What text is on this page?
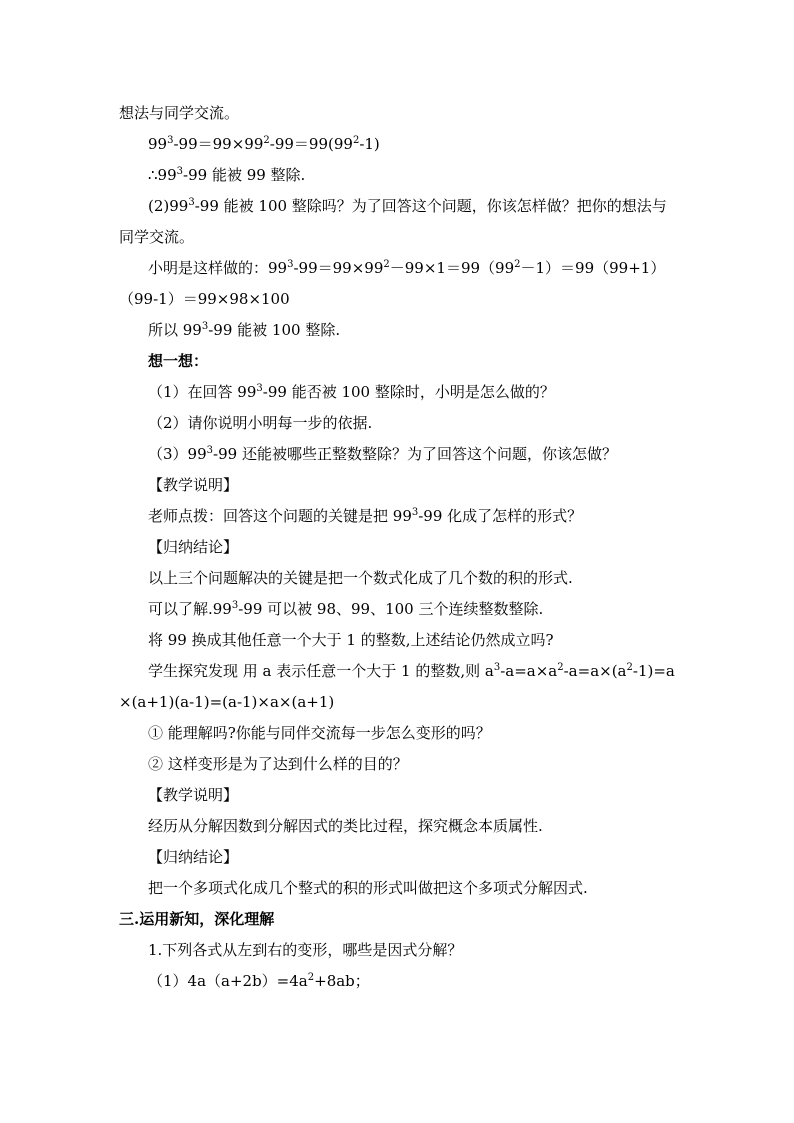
想法与同学交流。
$99^3-99=99\times 99^2-99=99(99^2-1)$
$\therefore 99^3-99$ 能被 99 整除.
$(2)99^3-99$ 能被 100 整除吗？为了回答这个问题，你该怎样做？把你的想法与
同学交流。
小明是这样做的：$99^3-99=99\times 99^2-99\times 1=99(99^2-1)=99(99+1)$
（99-1）＝99×98×100
所以 $99^3-99$ 能被 100 整除.
想一想：
（1）在回答 $99^3-99$ 能否被 100 整除时，小明是怎么做的？
（2）请你说明小明每一步的依据.
$(3)99^3-99$ 还能被哪些正整数整除？为了回答这个问题，你该怎做？
【教学说明】
老师点拨：回答这个问题的关键是把 $99^3-99$ 化成了怎样的形式？
【归纳结论】
以上三个问题解决的关键是把一个数式化成了几个数的积的形式.
可以了解$.99^3-99$ 可以被 98、99、100 三个连续整数整除.
将 99 换成其他任意一个大于 1 的整数,上述结论仍然成立吗?
学生探究发现 用 a 表示任意一个大于 1 的整数,则 $a^3-a=a\times a^2-a=a\times(a^2-1)=a$
×(a+1)(a-1)=(a-1)×a×(a+1)
① 能理解吗?你能与同伴交流每一步怎么变形的吗？
② 这样变形是为了达到什么样的目的？
【教学说明】
经历从分解因数到分解因式的类比过程，探究概念本质属性.
【归纳结论】
把一个多项式化成几个整式的积的形式叫做把这个多项式分解因式.
三.运用新知，深化理解
1.下列各式从左到右的变形，哪些是因式分解？
$(1)4a(a+2b)=4a^2+8ab$；
